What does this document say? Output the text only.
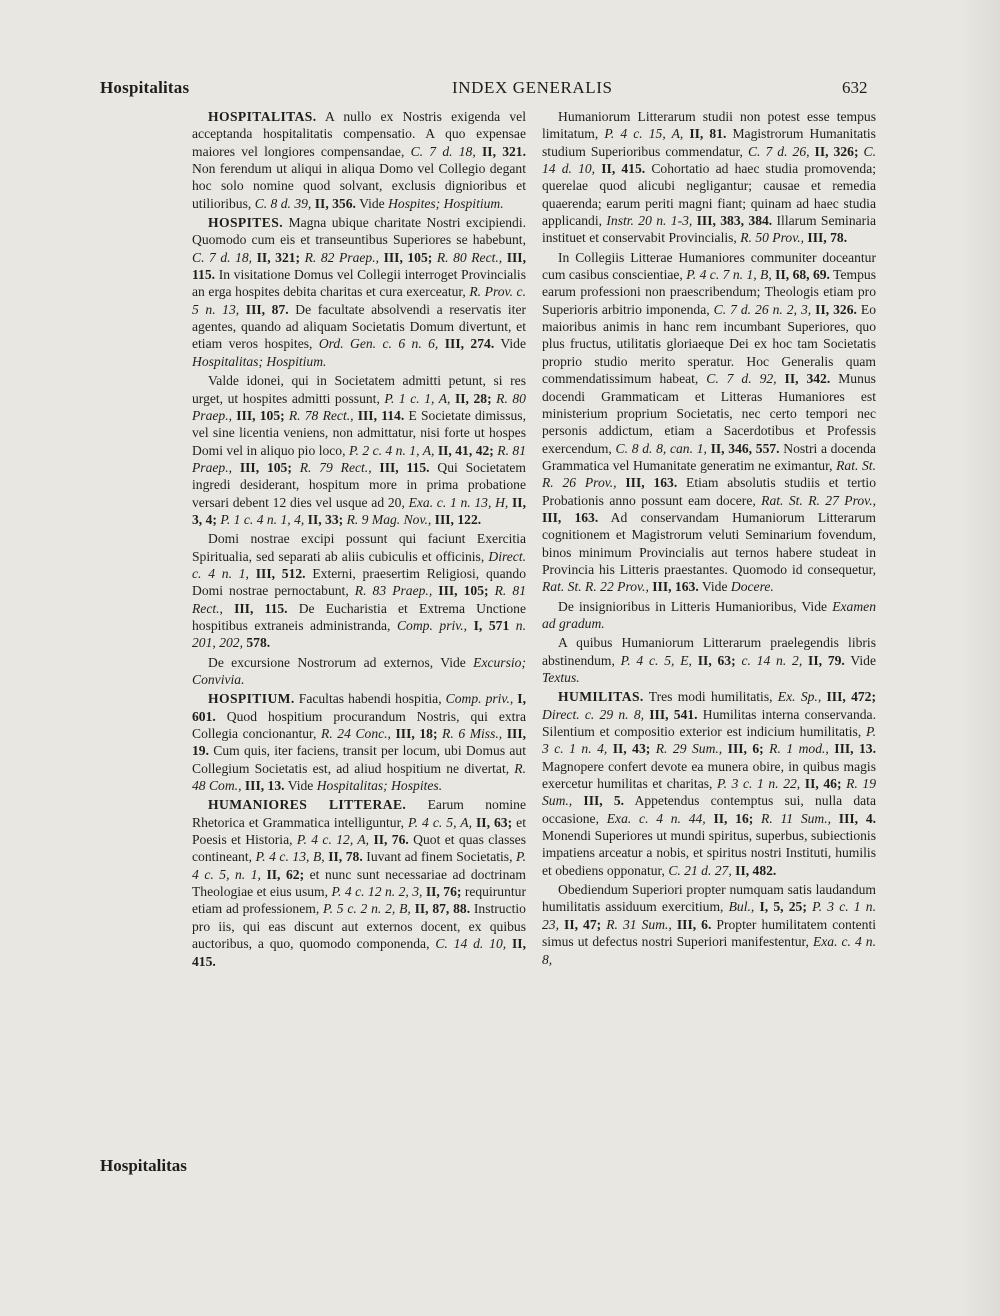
Hospitalitas	INDEX GENERALIS	632

HOSPITALITAS. A nullo ex Nostris exigenda vel acceptanda hospitalitatis compensatio. A quo expensae maiores vel longiores compensandae, C. 7 d. 18, II, 321. Non ferendum ut aliqui in aliqua Domo vel Collegio degant hoc solo nomine quod solvant, exclusis dignioribus et utilioribus, C. 8 d. 39, II, 356. Vide Hospites; Hospitium.

HOSPITES. Magna ubique charitate Nostri excipiendi. Quomodo cum eis et transeuntibus Superiores se habebunt, C. 7 d. 18, II, 321; R. 82 Praep., III, 105; R. 80 Rect., III, 115. In visitatione Domus vel Collegii interroget Provincialis an erga hospites debita charitas et cura exerceatur, R. Prov. c. 5 n. 13, III, 87. De facultate absolvendi a reservatis iter agentes, quando ad aliquam Societatis Domum divertunt, et etiam veros hospites, Ord. Gen. c. 6 n. 6, III, 274. Vide Hospitalitas; Hospitium.

Valde idonei, qui in Societatem admitti petunt, si res urget, ut hospites admitti possunt, P. 1 c. 1, A, II, 28; R. 80 Praep., III, 105; R. 78 Rect., III, 114. E Societate dimissus, vel sine licentia veniens, non admittatur, nisi forte ut hospes Domi vel in aliquo pio loco, P. 2 c. 4 n. 1, A, II, 41, 42; R. 81 Praep., III, 105; R. 79 Rect., III, 115. Qui Societatem ingredi desiderant, hospitum more in prima probatione versari debent 12 dies vel usque ad 20, Exa. c. 1 n. 13, H, II, 3, 4; P. 1 c. 4 n. 1, 4, II, 33; R. 9 Mag. Nov., III, 122.

Domi nostrae excipi possunt qui faciunt Exercitia Spiritualia, sed separati ab aliis cubiculis et officinis, Direct. c. 4 n. 1, III, 512. Externi, praesertim Religiosi, quando Domi nostrae pernoctabunt, R. 83 Praep., III, 105; R. 81 Rect., III, 115. De Eucharistia et Extrema Unctione hospitibus extraneis administranda, Comp. priv., I, 571 n. 201, 202, 578.

De excursione Nostrorum ad externos, Vide Excursio; Convivia.

HOSPITIUM. Facultas habendi hospitia, Comp. priv., I, 601. Quod hospitium procurandum Nostris, qui extra Collegia concionantur, R. 24 Conc., III, 18; R. 6 Miss., III, 19. Cum quis, iter faciens, transit per locum, ubi Domus aut Collegium Societatis est, ad aliud hospitium ne divertat, R. 48 Com., III, 13. Vide Hospitalitas; Hospites.

HUMANIORES LITTERAE. Earum nomine Rhetorica et Grammatica intelliguntur, P. 4 c. 5, A, II, 63; et Poesis et Historia, P. 4 c. 12, A, II, 76. Quot et quas classes contineant, P. 4 c. 13, B, II, 78. Iuvant ad finem Societatis, P. 4 c. 5, n. 1, II, 62; et nunc sunt necessariae ad doctrinam Theologiae et eius usum, P. 4 c. 12 n. 2, 3, II, 76; requiruntur etiam ad professionem, P. 5 c. 2 n. 2, B, II, 87, 88. Instructio pro iis, qui eas discunt aut externos docent, ex quibus auctoribus, a quo, quomodo componenda, C. 14 d. 10, II, 415.

Humaniorum Litterarum studii non potest esse tempus limitatum, P. 4 c. 15, A, II, 81. Magistrorum Humanitatis studium Superioribus commendatur, C. 7 d. 26, II, 326; C. 14 d. 10, II, 415. Cohortatio ad haec studia promovenda; querelae quod alicubi negligantur; causae et remedia quaerenda; earum periti magni fiant; quinam ad haec studia applicandi, Instr. 20 n. 1-3, III, 383, 384. Illarum Seminaria instituet et conservabit Provincialis, R. 50 Prov., III, 78.

In Collegiis Litterae Humaniores communiter doceantur cum casibus conscientiae, P. 4 c. 7 n. 1, B, II, 68, 69. Tempus earum professioni non praescribendum; Theologis etiam pro Superioris arbitrio imponenda, C. 7 d. 26 n. 2, 3, II, 326. Eo maioribus animis in hanc rem incumbant Superiores, quo plus fructus, utilitatis gloriaeque Dei ex hoc tam Societatis proprio studio merito speratur. Hoc Generalis quam commendatissimum habeat, C. 7 d. 92, II, 342. Munus docendi Grammaticam et Litteras Humaniores est ministerium proprium Societatis, nec certo tempori nec personis addictum, etiam a Sacerdotibus et Professis exercendum, C. 8 d. 8, can. 1, II, 346, 557. Nostri a docenda Grammatica vel Humanitate generatim ne eximantur, Rat. St. R. 26 Prov., III, 163. Etiam absolutis studiis et tertio Probationis anno possunt eam docere, Rat. St. R. 27 Prov., III, 163. Ad conservandam Humaniorum Litterarum cognitionem et Magistrorum veluti Seminarium fovendum, binos minimum Provincialis aut ternos habere studeat in Provincia his Litteris praestantes. Quomodo id consequetur, Rat. St. R. 22 Prov., III, 163. Vide Docere.

De insignioribus in Litteris Humanioribus, Vide Examen ad gradum.

A quibus Humaniorum Litterarum praelegendis libris abstinendum, P. 4 c. 5, E, II, 63; c. 14 n. 2, II, 79. Vide Textus.

HUMILITAS. Tres modi humilitatis, Ex. Sp., III, 472; Direct. c. 29 n. 8, III, 541. Humilitas interna conservanda. Silentium et compositio exterior est indicium humilitatis, P. 3 c. 1 n. 4, II, 43; R. 29 Sum., III, 6; R. 1 mod., III, 13. Magnopere confert devote ea munera obire, in quibus magis exercetur humilitas et charitas, P. 3 c. 1 n. 22, II, 46; R. 19 Sum., III, 5. Appetendus contemptus sui, nulla data occasione, Exa. c. 4 n. 44, II, 16; R. 11 Sum., III, 4. Monendi Superiores ut mundi spiritus, superbus, subiectionis impatiens arceatur a nobis, et spiritus nostri Instituti, humilis et obediens opponatur, C. 21 d. 27, II, 482.

Obediendum Superiori propter numquam satis laudandum humilitatis assiduum exercitium, Bul., I, 5, 25; P. 3 c. 1 n. 23, II, 47; R. 31 Sum., III, 6. Propter humilitatem contenti simus ut defectus nostri Superiori manifestentur, Exa. c. 4 n. 8,

Hospitalitas
